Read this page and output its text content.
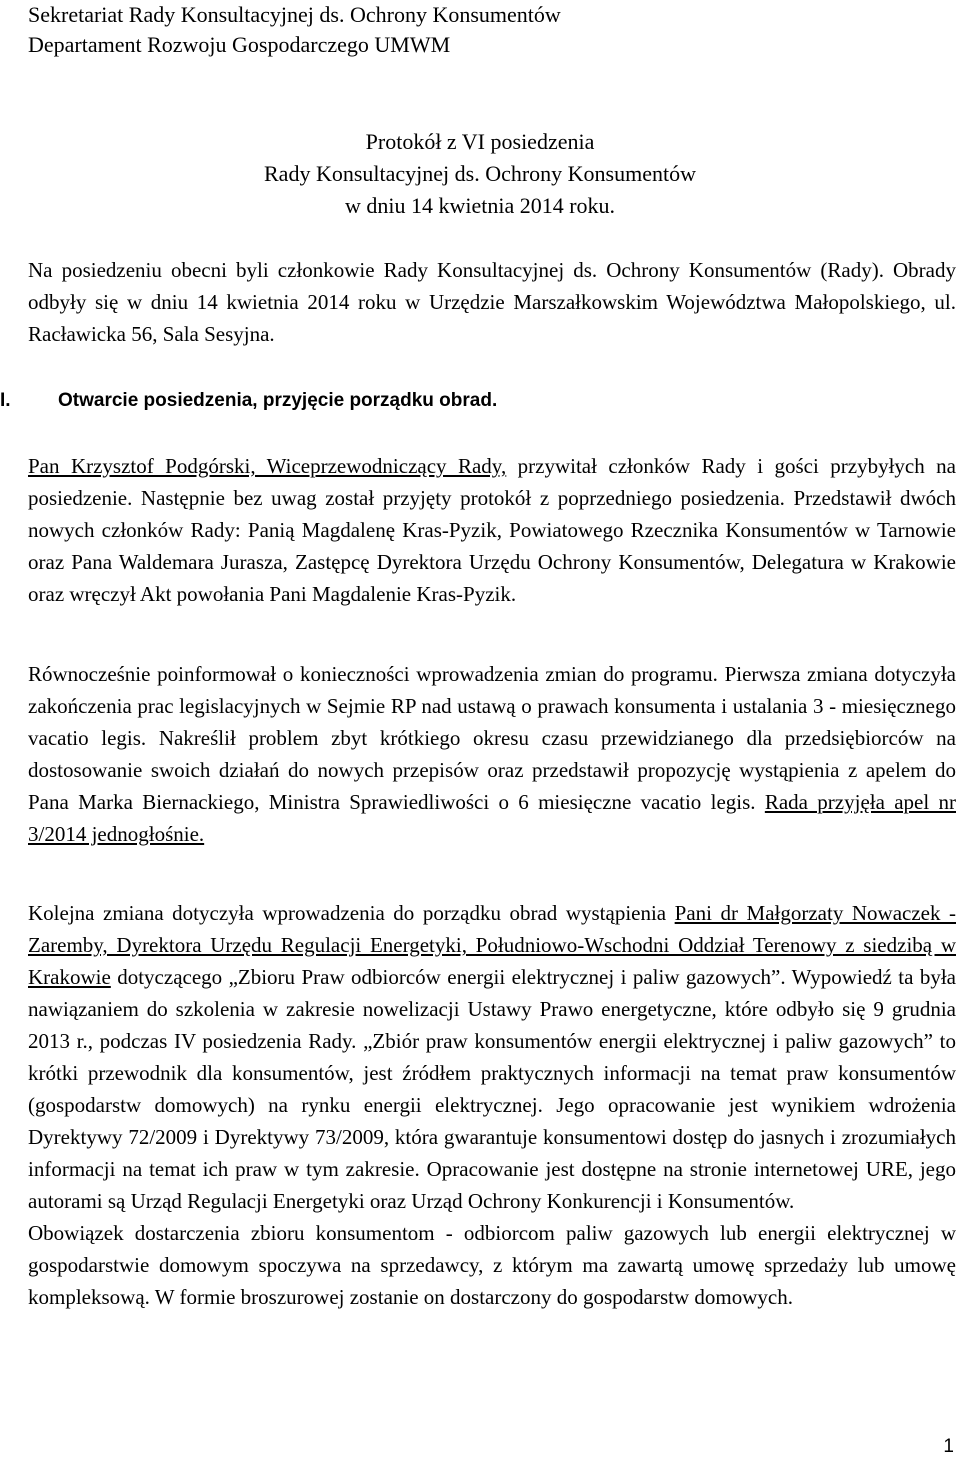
Sekretariat Rady Konsultacyjnej ds. Ochrony Konsumentów
Departament Rozwoju Gospodarczego UMWM
Protokół z VI posiedzenia
Rady Konsultacyjnej ds. Ochrony Konsumentów
w dniu 14 kwietnia 2014 roku.

Na posiedzeniu obecni byli członkowie Rady Konsultacyjnej ds. Ochrony Konsumentów (Rady). Obrady odbyły się w dniu 14 kwietnia 2014 roku w Urzędzie Marszałkowskim Województwa Małopolskiego, ul. Racławicka 56, Sala Sesyjna.

I. Otwarcie posiedzenia, przyjęcie porządku obrad.

Pan Krzysztof Podgórski, Wiceprzewodniczący Rady, przywitał członków Rady i gości przybyłych na posiedzenie. Następnie bez uwag został przyjęty protokół z poprzedniego posiedzenia. Przedstawił dwóch nowych członków Rady: Panią Magdalenę Kras-Pyzik, Powiatowego Rzecznika Konsumentów w Tarnowie oraz Pana Waldemara Jurasza, Zastępcę Dyrektora Urzędu Ochrony Konsumentów, Delegatura w Krakowie oraz wręczył Akt powołania Pani Magdalenie Kras-Pyzik.

Równocześnie poinformował o konieczności wprowadzenia zmian do programu. Pierwsza zmiana dotyczyła zakończenia prac legislacyjnych w Sejmie RP nad ustawą o prawach konsumenta i ustalania 3 - miesięcznego vacatio legis. Nakreślił problem zbyt krótkiego okresu czasu przewidzianego dla przedsiębiorców na dostosowanie swoich działań do nowych przepisów oraz przedstawił propozycję wystąpienia z apelem do Pana Marka Biernackiego, Ministra Sprawiedliwości o 6 miesięczne vacatio legis. Rada przyjęła apel nr 3/2014 jednogłośnie.

Kolejna zmiana dotyczyła wprowadzenia do porządku obrad wystąpienia Pani dr Małgorzaty Nowaczek - Zaremby, Dyrektora Urzędu Regulacji Energetyki, Południowo-Wschodni Oddział Terenowy z siedzibą w Krakowie dotyczącego „Zbioru Praw odbiorców energii elektrycznej i paliw gazowych”. Wypowiedź ta była nawiązaniem do szkolenia w zakresie nowelizacji Ustawy Prawo energetyczne, które odbyło się 9 grudnia 2013 r., podczas IV posiedzenia Rady. „Zbiór praw konsumentów energii elektrycznej i paliw gazowych” to krótki przewodnik dla konsumentów, jest źródłem praktycznych informacji na temat praw konsumentów (gospodarstw domowych) na rynku energii elektrycznej. Jego opracowanie jest wynikiem wdrożenia Dyrektywy 72/2009 i Dyrektywy 73/2009, która gwarantuje konsumentowi dostęp do jasnych i zrozumiałych informacji na temat ich praw w tym zakresie. Opracowanie jest dostępne na stronie internetowej URE, jego autorami są Urząd Regulacji Energetyki oraz Urząd Ochrony Konkurencji i Konsumentów.

Obowiązek dostarczenia zbioru konsumentom - odbiorcom paliw gazowych lub energii elektrycznej w gospodarstwie domowym spoczywa na sprzedawcy, z którym ma zawartą umowę sprzedaży lub umowę kompleksową. W formie broszurowej zostanie on dostarczony do gospodarstw domowych.

1
